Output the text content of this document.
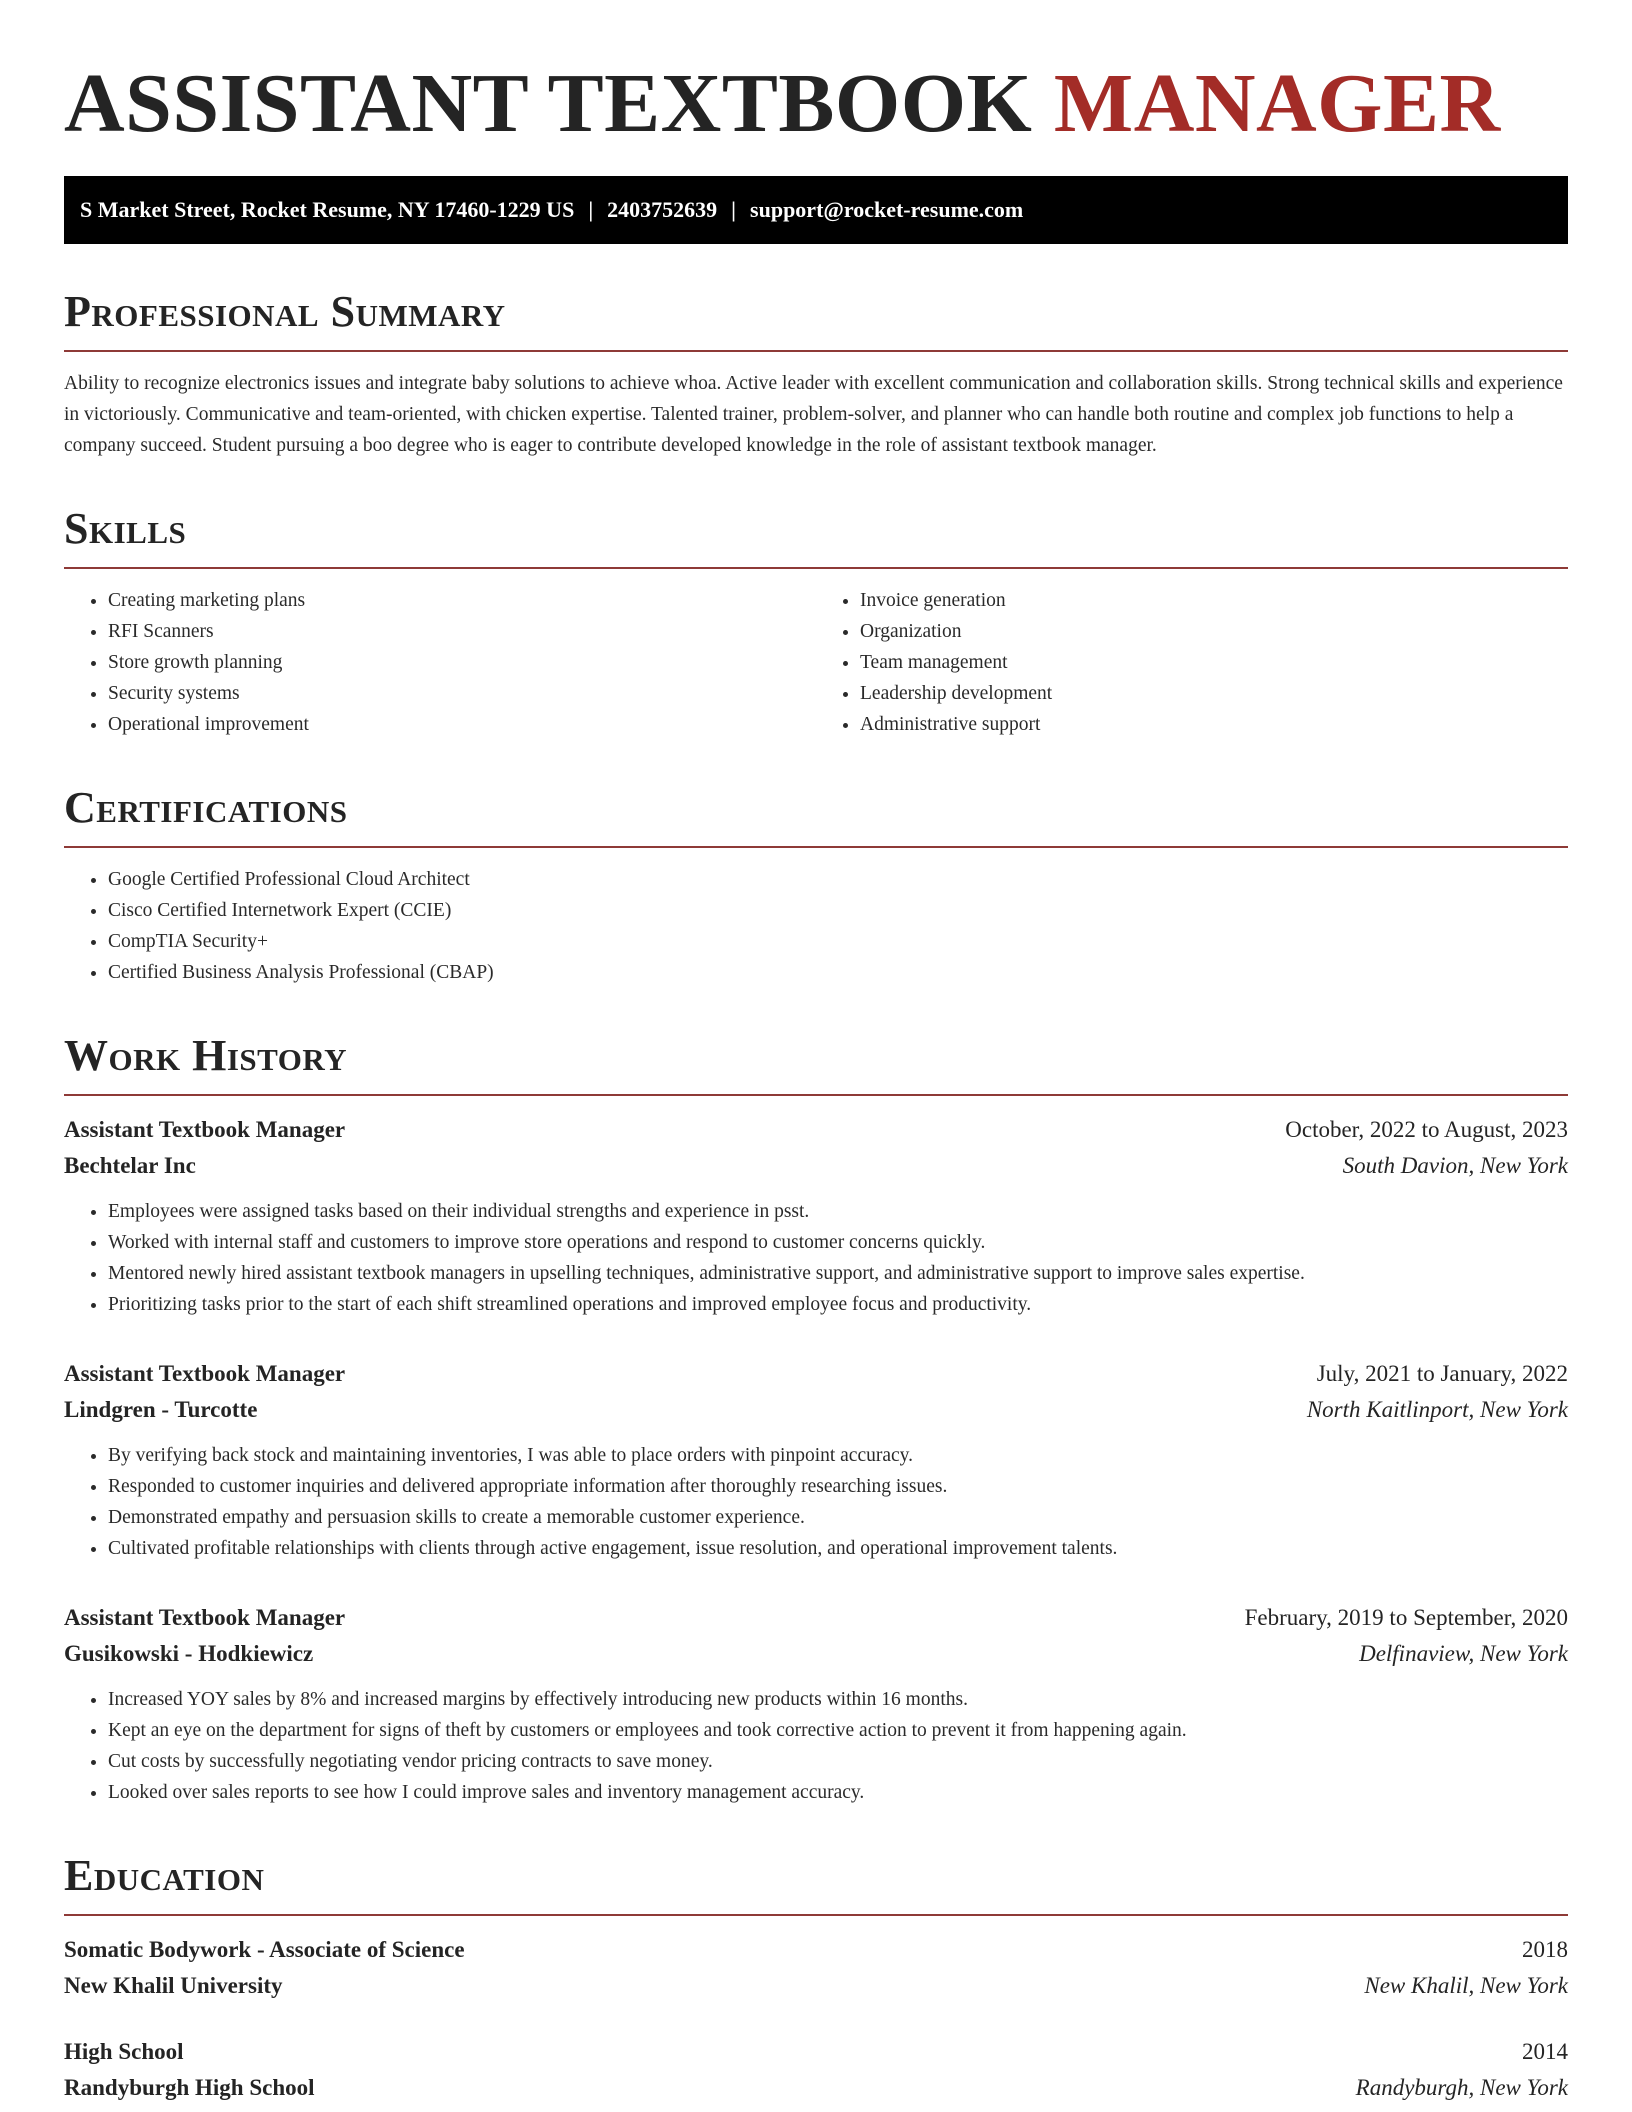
ASSISTANT TEXTBOOK MANAGER
S Market Street, Rocket Resume, NY 17460-1229 US | 2403752639 | support@rocket-resume.com
Professional Summary

Ability to recognize electronics issues and integrate baby solutions to achieve whoa. Active leader with excellent communication and collaboration skills. Strong technical skills and experience in victoriously. Communicative and team-oriented, with chicken expertise. Talented trainer, problem-solver, and planner who can handle both routine and complex job functions to help a company succeed. Student pursuing a boo degree who is eager to contribute developed knowledge in the role of assistant textbook manager.

Skills
• Creating marketing plans
• RFI Scanners
• Store growth planning
• Security systems
• Operational improvement
• Invoice generation
• Organization
• Team management
• Leadership development
• Administrative support
Certifications
• Google Certified Professional Cloud Architect
• Cisco Certified Internetwork Expert (CCIE)
• CompTIA Security+
• Certified Business Analysis Professional (CBAP)
Work History
Assistant Textbook Manager	October, 2022 to August, 2023
Bechtelar Inc	South Davion, New York
• Employees were assigned tasks based on their individual strengths and experience in psst.
• Worked with internal staff and customers to improve store operations and respond to customer concerns quickly.
• Mentored newly hired assistant textbook managers in upselling techniques, administrative support, and administrative support to improve sales expertise.
• Prioritizing tasks prior to the start of each shift streamlined operations and improved employee focus and productivity.
Assistant Textbook Manager	July, 2021 to January, 2022
Lindgren - Turcotte	North Kaitlinport, New York
• By verifying back stock and maintaining inventories, I was able to place orders with pinpoint accuracy.
• Responded to customer inquiries and delivered appropriate information after thoroughly researching issues.
• Demonstrated empathy and persuasion skills to create a memorable customer experience.
• Cultivated profitable relationships with clients through active engagement, issue resolution, and operational improvement talents.
Assistant Textbook Manager	February, 2019 to September, 2020
Gusikowski - Hodkiewicz	Delfinaview, New York
• Increased YOY sales by 8% and increased margins by effectively introducing new products within 16 months.
• Kept an eye on the department for signs of theft by customers or employees and took corrective action to prevent it from happening again.
• Cut costs by successfully negotiating vendor pricing contracts to save money.
• Looked over sales reports to see how I could improve sales and inventory management accuracy.
Education
Somatic Bodywork - Associate of Science	2018
New Khalil University	New Khalil, New York
High School	2014
Randyburgh High School	Randyburgh, New York
